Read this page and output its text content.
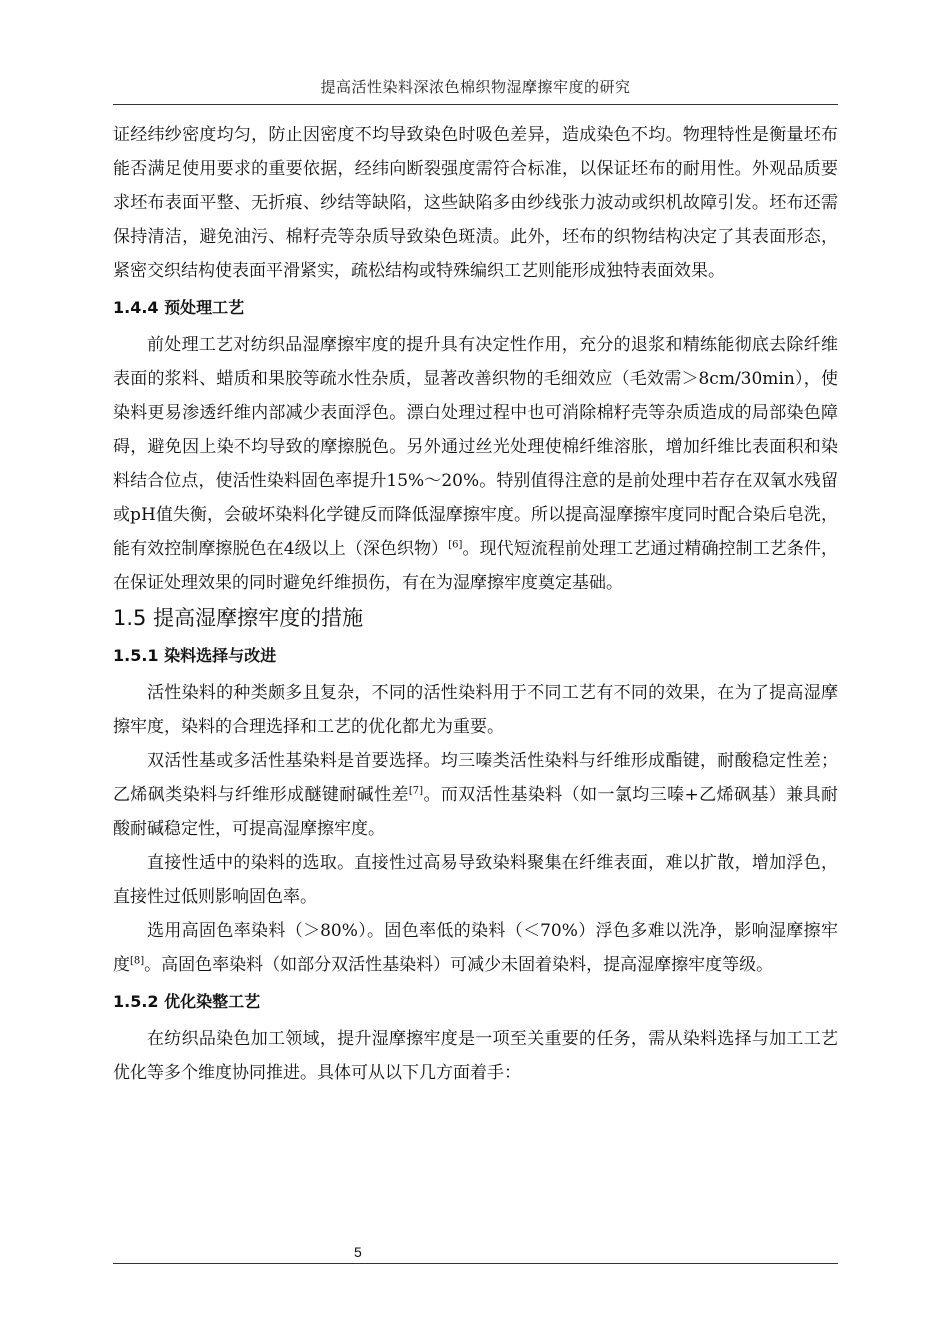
提高活性染料深浓色棉织物湿摩擦牢度的研究

证经纬纱密度均匀，防止因密度不均导致染色时吸色差异，造成染色不均。物理特性是衡量坯布能否满足使用要求的重要依据，经纬向断裂强度需符合标准，以保证坯布的耐用性。外观品质要求坯布表面平整、无折痕、纱结等缺陷，这些缺陷多由纱线张力波动或织机故障引发。坯布还需保持清洁，避免油污、棉籽壳等杂质导致染色斑渍。此外，坯布的织物结构决定了其表面形态，紧密交织结构使表面平滑紧实，疏松结构或特殊编织工艺则能形成独特表面效果。

1.4.4 预处理工艺

前处理工艺对纺织品湿摩擦牢度的提升具有决定性作用，充分的退浆和精练能彻底去除纤维表面的浆料、蜡质和果胶等疏水性杂质，显著改善织物的毛细效应（毛效需＞8cm/30min），使染料更易渗透纤维内部减少表面浮色。漂白处理过程中也可消除棉籽壳等杂质造成的局部染色障碍，避免因上染不均导致的摩擦脱色。另外通过丝光处理使棉纤维溶胀，增加纤维比表面积和染料结合位点，使活性染料固色率提升15%～20%。特别值得注意的是前处理中若存在双氧水残留或pH值失衡，会破坏染料化学键反而降低湿摩擦牢度。所以提高湿摩擦牢度同时配合染后皂洗，能有效控制摩擦脱色在4级以上（深色织物）[6]。现代短流程前处理工艺通过精确控制工艺条件，在保证处理效果的同时避免纤维损伤，有在为湿摩擦牢度奠定基础。

1.5 提高湿摩擦牢度的措施
1.5.1 染料选择与改进

活性染料的种类颇多且复杂，不同的活性染料用于不同工艺有不同的效果，在为了提高湿摩擦牢度，染料的合理选择和工艺的优化都尤为重要。

双活性基或多活性基染料是首要选择。均三嗪类活性染料与纤维形成酯键，耐酸稳定性差；乙烯砜类染料与纤维形成醚键耐碱性差[7]。而双活性基染料（如一氯均三嗪+乙烯砜基）兼具耐酸耐碱稳定性，可提高湿摩擦牢度。

直接性适中的染料的选取。直接性过高易导致染料聚集在纤维表面，难以扩散，增加浮色，直接性过低则影响固色率。

选用高固色率染料（＞80%）。固色率低的染料（＜70%）浮色多难以洗净，影响湿摩擦牢度[8]。高固色率染料（如部分双活性基染料）可减少未固着染料，提高湿摩擦牢度等级。

1.5.2 优化染整工艺

在纺织品染色加工领域，提升湿摩擦牢度是一项至关重要的任务，需从染料选择与加工工艺优化等多个维度协同推进。具体可从以下几方面着手：

5
